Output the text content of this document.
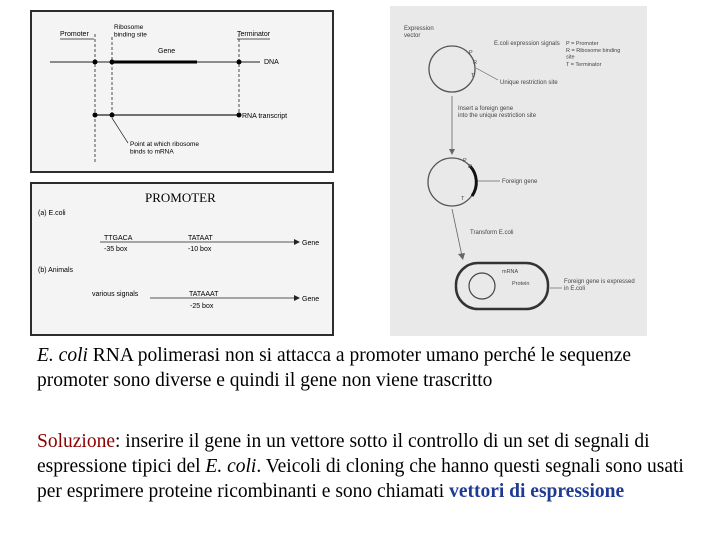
Promoter
Ribosome binding site
Gene
Terminator
DNA
RNA transcript
Point at which ribosome binds to mRNA
(a) E.coli
TTGACA
-35 box
TATAAT
-10 box
Gene
(b) Animals
various signals	TATAAAT
-25 box
Gene
PROMOTER
Expression vector
E.coli expression signals P = Promoter
R = Ribosome binding site
T = Terminator
P
R
T
Unique restriction site
Insert a foreign gene into the unique restriction site
P
R
T
Foreign gene
Transform E.coli
mRNA
Protein	Foreign gene is expressed in E.coli

E. coli RNA polimerasi non si attacca a promoter umano perché le sequenze promoter sono diverse e quindi il gene non viene trascritto

Soluzione: inserire il gene in un vettore sotto il controllo di un set di segnali di espressione tipici del E. coli. Veicoli di cloning che hanno questi segnali sono usati per esprimere proteine ricombinanti e sono chiamati vettori di espressione
